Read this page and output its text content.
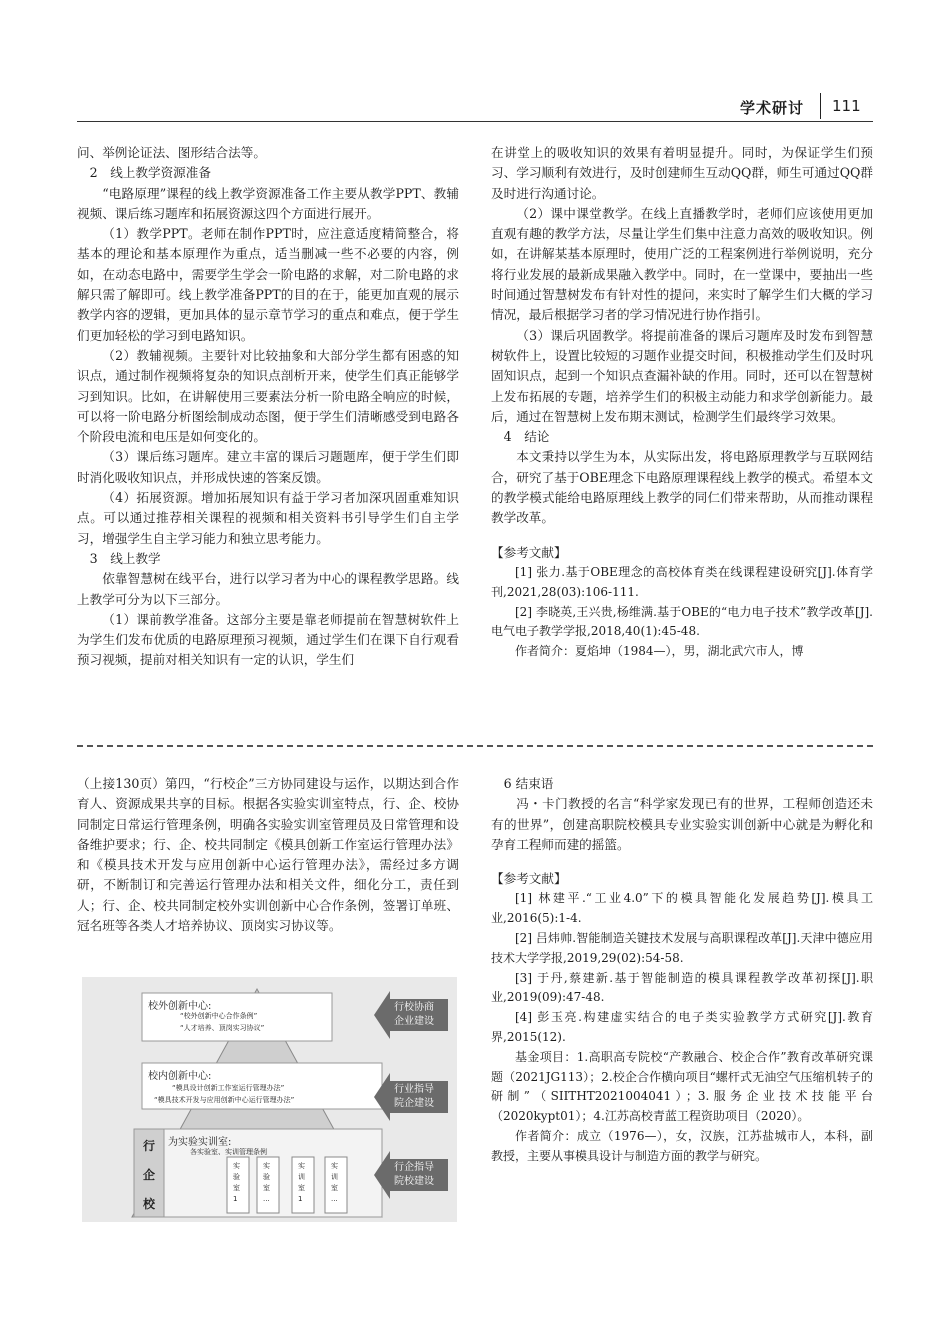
学术研讨 111

问、举例论证法、图形结合法等。

2　线上教学资源准备

“电路原理”课程的线上教学资源准备工作主要从教学PPT、教辅视频、课后练习题库和拓展资源这四个方面进行展开。

（1）教学PPT。老师在制作PPT时，应注意适度精简整合，将基本的理论和基本原理作为重点，适当删减一些不必要的内容，例如，在动态电路中，需要学生学会一阶电路的求解，对二阶电路的求解只需了解即可。线上教学准备PPT的目的在于，能更加直观的展示教学内容的逻辑，更加具体的显示章节学习的重点和难点，便于学生们更加轻松的学习到电路知识。

（2）教辅视频。主要针对比较抽象和大部分学生都有困惑的知识点，通过制作视频将复杂的知识点剖析开来，使学生们真正能够学习到知识。比如，在讲解使用三要素法分析一阶电路全响应的时候，可以将一阶电路分析图绘制成动态图，便于学生们清晰感受到电路各个阶段电流和电压是如何变化的。

（3）课后练习题库。建立丰富的课后习题题库，便于学生们即时消化吸收知识点，并形成快速的答案反馈。

（4）拓展资源。增加拓展知识有益于学习者加深巩固重难知识点。可以通过推荐相关课程的视频和相关资料书引导学生们自主学习，增强学生自主学习能力和独立思考能力。

3　线上教学

依靠智慧树在线平台，进行以学习者为中心的课程教学思路。线上教学可分为以下三部分。

（1）课前教学准备。这部分主要是靠老师提前在智慧树软件上为学生们发布优质的电路原理预习视频，通过学生们在课下自行观看预习视频，提前对相关知识有一定的认识，学生们

在讲堂上的吸收知识的效果有着明显提升。同时，为保证学生们预习、学习顺利有效进行，及时创建师生互动QQ群，师生可通过QQ群及时进行沟通讨论。

（2）课中课堂教学。在线上直播教学时，老师们应该使用更加直观有趣的教学方法，尽量让学生们集中注意力高效的吸收知识。例如，在讲解某基本原理时，使用广泛的工程案例进行举例说明，充分将行业发展的最新成果融入教学中。同时，在一堂课中，要抽出一些时间通过智慧树发布有针对性的提问，来实时了解学生们大概的学习情况，最后根据学习者的学习情况进行协作指引。

（3）课后巩固教学。将提前准备的课后习题库及时发布到智慧树软件上，设置比较短的习题作业提交时间，积极推动学生们及时巩固知识点，起到一个知识点查漏补缺的作用。同时，还可以在智慧树上发布拓展的专题，培养学生们的积极主动能力和求学创新能力。最后，通过在智慧树上发布期末测试，检测学生们最终学习效果。

4　结论

本文秉持以学生为本，从实际出发，将电路原理教学与互联网结合，研究了基于OBE理念下电路原理课程线上教学的模式。希望本文的教学模式能给电路原理线上教学的同仁们带来帮助，从而推动课程教学改革。

【参考文献】

[1] 张力.基于OBE理念的高校体育类在线课程建设研究[J].体育学刊,2021,28(03):106-111.

[2] 李晓英,王兴贵,杨维满.基于OBE的“电力电子技术”教学改革[J].电气电子教学学报,2018,40(1):45-48.

作者简介：夏焰坤（1984—），男，湖北武穴市人，博

（上接130页）第四，“行校企”三方协同建设与运作，以期达到合作育人、资源成果共享的目标。根据各实验实训室特点，行、企、校协同制定日常运行管理条例，明确各实验实训室管理员及日常管理和设备维护要求；行、企、校共同制定《模具创新工作室运行管理办法》和《模具技术开发与应用创新中心运行管理办法》，需经过多方调研，不断制订和完善运行管理办法和相关文件，细化分工，责任到人；行、企、校共同制定校外实训创新中心合作条例，签署订单班、冠名班等各类人才培养协议、顶岗实习协议等。

校外创新中心:
“校外创新中心合作条例”
“人才培养、顶岗实习协议”
校内创新中心:
“模具设计创新工作室运行管理办法”
“模具技术开发与应用创新中心运行管理办法”
为实验实训室:
各实验室、实训管理条例
行
企
校
实
验
室
1
实
验
室
...
实
训
室
1
实
训
室
...
行校协商
企业建设
行业指导
院企建设
行企指导
院校建设

6 结束语

冯・卡门教授的名言“科学家发现已有的世界，工程师创造还未有的世界”，创建高职院校模具专业实验实训创新中心就是为孵化和孕育工程师而建的摇篮。

【参考文献】

[1] 林建平.“工业4.0”下的模具智能化发展趋势[J].模具工业,2016(5):1-4.

[2] 吕炜帅.智能制造关键技术发展与高职课程改革[J].天津中德应用技术大学学报,2019,29(02):54-58.

[3] 于丹,蔡建新.基于智能制造的模具课程教学改革初探[J].职业,2019(09):47-48.

[4] 彭玉亮.构建虚实结合的电子类实验教学方式研究[J].教育界,2015(12).

基金项目：1.高职高专院校“产教融合、校企合作”教育改革研究课题（2021JG113）；2.校企合作横向项目“螺杆式无油空气压缩机转子的研制”（SIITHT2021004041）；3.服务企业技术技能平台（2020kypt01）；4.江苏高校青蓝工程资助项目（2020）。

作者简介：成立（1976—），女，汉族，江苏盐城市人，本科，副教授，主要从事模具设计与制造方面的教学与研究。
